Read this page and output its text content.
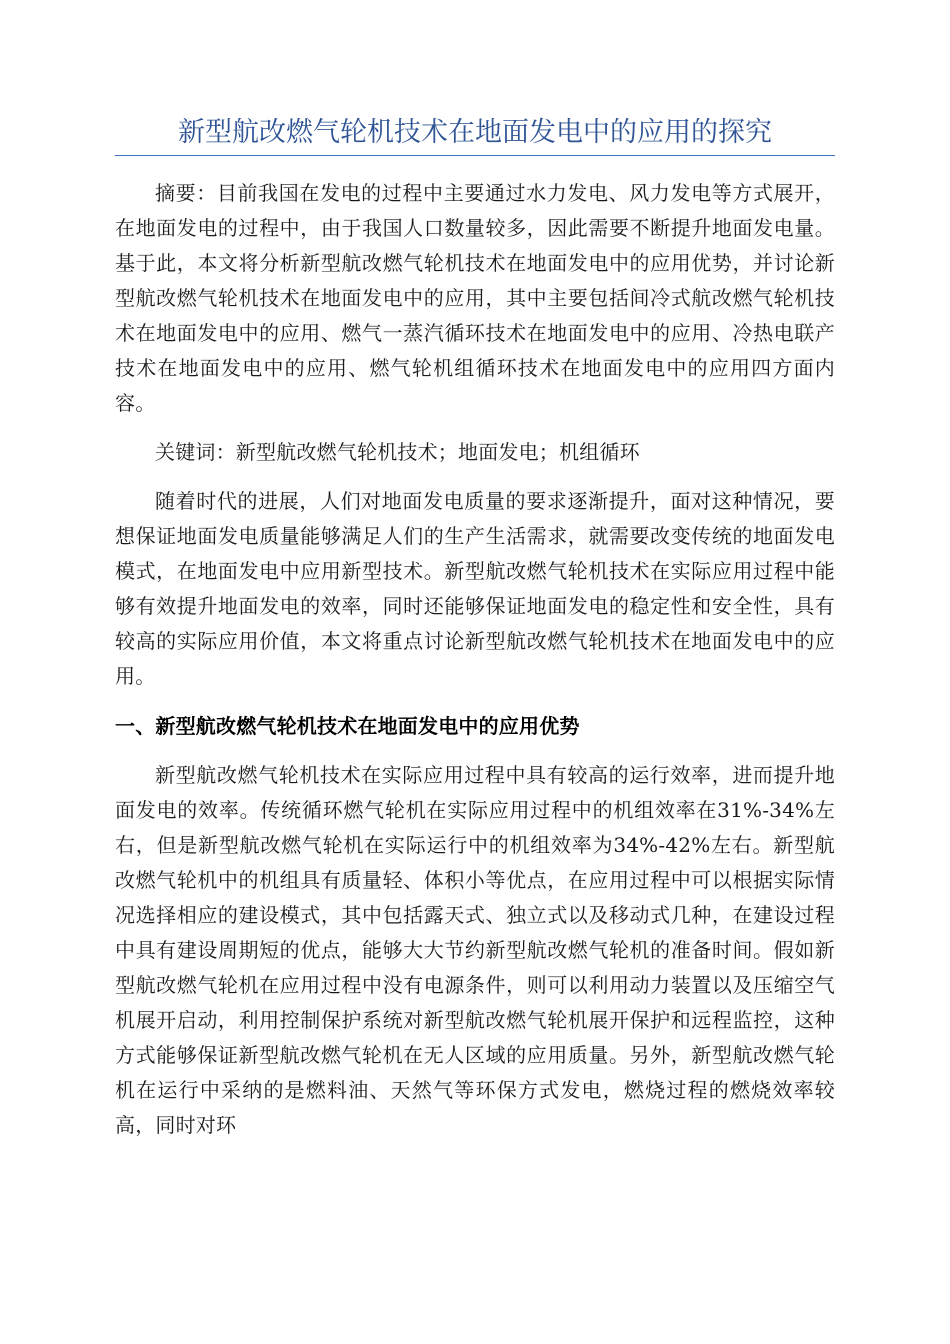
新型航改燃气轮机技术在地面发电中的应用的探究

摘要：目前我国在发电的过程中主要通过水力发电、风力发电等方式展开，在地面发电的过程中，由于我国人口数量较多，因此需要不断提升地面发电量。基于此，本文将分析新型航改燃气轮机技术在地面发电中的应用优势，并讨论新型航改燃气轮机技术在地面发电中的应用，其中主要包括间冷式航改燃气轮机技术在地面发电中的应用、燃气一蒸汽循环技术在地面发电中的应用、冷热电联产技术在地面发电中的应用、燃气轮机组循环技术在地面发电中的应用四方面内容。

关键词：新型航改燃气轮机技术；地面发电；机组循环

随着时代的进展，人们对地面发电质量的要求逐渐提升，面对这种情况，要想保证地面发电质量能够满足人们的生产生活需求，就需要改变传统的地面发电模式，在地面发电中应用新型技术。新型航改燃气轮机技术在实际应用过程中能够有效提升地面发电的效率，同时还能够保证地面发电的稳定性和安全性，具有较高的实际应用价值，本文将重点讨论新型航改燃气轮机技术在地面发电中的应用。

一、新型航改燃气轮机技术在地面发电中的应用优势

新型航改燃气轮机技术在实际应用过程中具有较高的运行效率，进而提升地面发电的效率。传统循环燃气轮机在实际应用过程中的机组效率在31%-34%左右，但是新型航改燃气轮机在实际运行中的机组效率为34%-42%左右。新型航改燃气轮机中的机组具有质量轻、体积小等优点，在应用过程中可以根据实际情况选择相应的建设模式，其中包括露天式、独立式以及移动式几种，在建设过程中具有建设周期短的优点，能够大大节约新型航改燃气轮机的准备时间。假如新型航改燃气轮机在应用过程中没有电源条件，则可以利用动力装置以及压缩空气机展开启动，利用控制保护系统对新型航改燃气轮机展开保护和远程监控，这种方式能够保证新型航改燃气轮机在无人区域的应用质量。另外，新型航改燃气轮机在运行中采纳的是燃料油、天然气等环保方式发电，燃烧过程的燃烧效率较高，同时对环
